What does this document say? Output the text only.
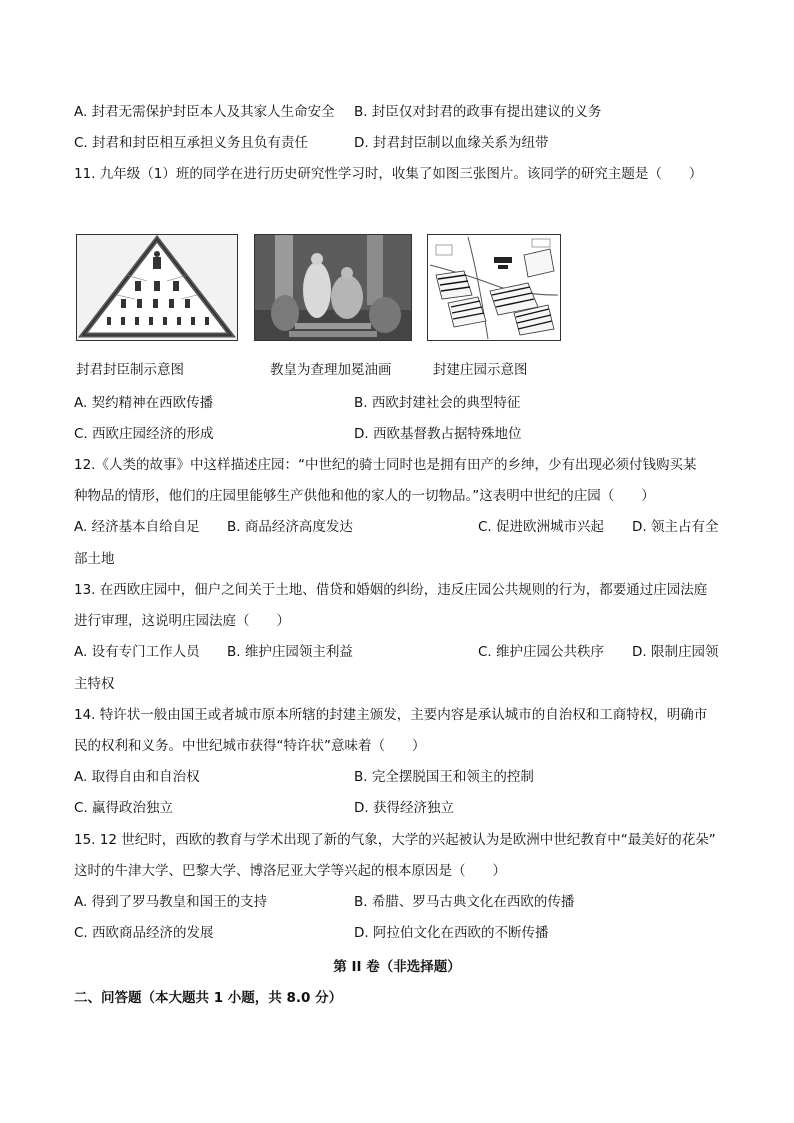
A. 封君无需保护封臣本人及其家人生命安全 B. 封臣仅对封君的政事有提出建议的义务
C. 封君和封臣相互承担义务且负有责任	D. 封君封臣制以血缘关系为纽带
11. 九年级（1）班的同学在进行历史研究性学习时，收集了如图三张图片。该同学的研究主题是（　　）
封君封臣制示意图	教皇为查理加冕油画	封建庄园示意图
A. 契约精神在西欧传播	B. 西欧封建社会的典型特征
C. 西欧庄园经济的形成	D. 西欧基督教占据特殊地位
12.《人类的故事》中这样描述庄园：“中世纪的骑士同时也是拥有田产的乡绅，少有出现必须付钱购买某
种物品的情形，他们的庄园里能够生产供他和他的家人的一切物品。”这表明中世纪的庄园（　　）
A. 经济基本自给自足 B. 商品经济高度发达	C. 促进欧洲城市兴起 D. 领主占有全
部土地
13. 在西欧庄园中，佃户之间关于土地、借贷和婚姻的纠纷，违反庄园公共规则的行为，都要通过庄园法庭
进行审理，这说明庄园法庭（　　）
A. 设有专门工作人员 B. 维护庄园领主利益	C. 维护庄园公共秩序 D. 限制庄园领
主特权
14. 特许状一般由国王或者城市原本所辖的封建主颁发，主要内容是承认城市的自治权和工商特权，明确市
民的权利和义务。中世纪城市获得“特许状”意味着（　　）
A. 取得自由和自治权	B. 完全摆脱国王和领主的控制
C. 赢得政治独立	D. 获得经济独立
15. 12 世纪时，西欧的教育与学术出现了新的气象，大学的兴起被认为是欧洲中世纪教育中“最美好的花朵”
这时的牛津大学、巴黎大学、博洛尼亚大学等兴起的根本原因是（　　）
A. 得到了罗马教皇和国王的支持	B. 希腊、罗马古典文化在西欧的传播
C. 西欧商品经济的发展	D. 阿拉伯文化在西欧的不断传播
第 II 卷（非选择题）
二、问答题（本大题共 1 小题，共 8.0 分）
